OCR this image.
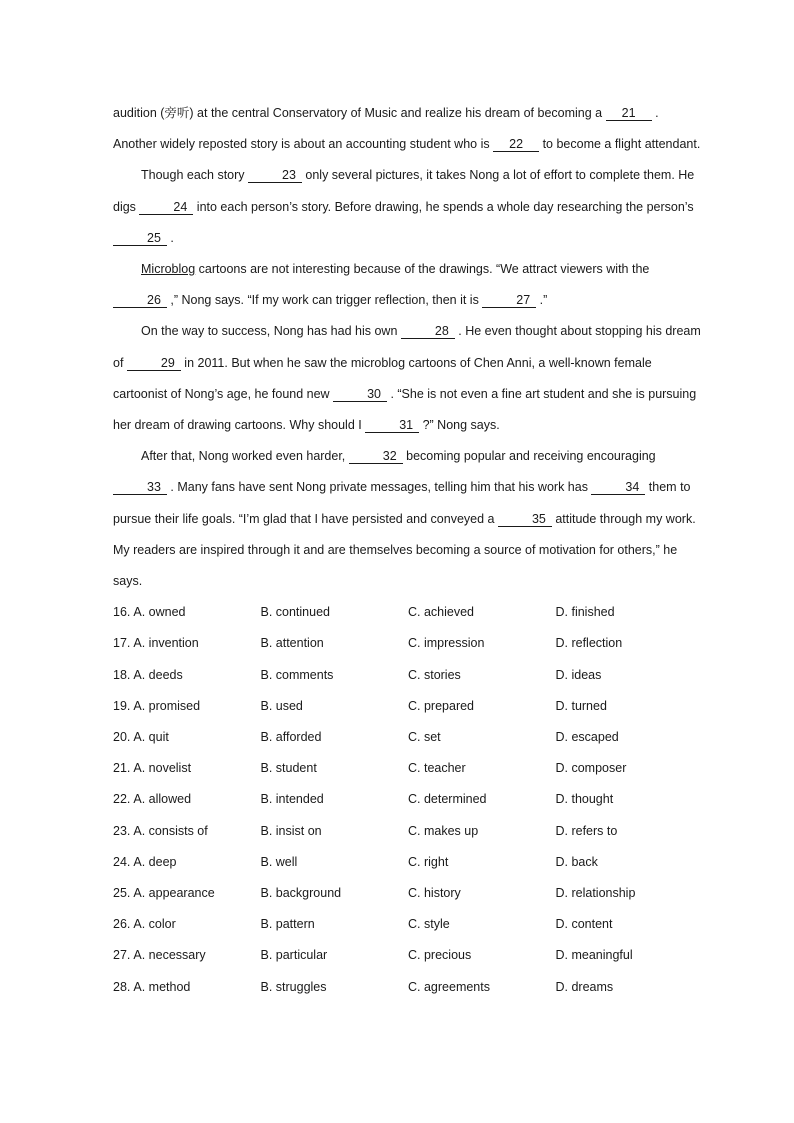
audition (旁听) at the central Conservatory of Music and realize his dream of becoming a 21 . Another widely reposted story is about an accounting student who is 22 to become a flight attendant.

Though each story	23 only several pictures, it takes Nong a lot of effort to complete them. He digs	24 into each person’s story. Before drawing, he spends a whole day researching the person’s 25 .

Microblog cartoons are not interesting because of the drawings. “We attract viewers with the 26 ,” Nong says. “If my work can trigger reflection, then it is	27 .”

On the way to success, Nong has had his own	28 . He even thought about stopping his dream of	29 in 2011. But when he saw the microblog cartoons of Chen Anni, a well-known female cartoonist of Nong’s age, he found new	30 . “She is not even a fine art student and she is pursuing her dream of drawing cartoons. Why should I	31 ?” Nong says.

After that, Nong worked even harder,	32 becoming popular and receiving encouraging 33 . Many fans have sent Nong private messages, telling him that his work has	34 them to pursue their life goals. “I’m glad that I have persisted and conveyed a	35 attitude through my work. My readers are inspired through it and are themselves becoming a source of motivation for others,” he says.

16. A. owned	B. continued	C. achieved	D. finished
17. A. invention	B. attention	C. impression	D. reflection
18. A. deeds	B. comments	C. stories	D. ideas
19. A. promised	B. used	C. prepared	D. turned
20. A. quit	B. afforded	C. set	D. escaped
21. A. novelist	B. student	C. teacher	D. composer
22. A. allowed	B. intended	C. determined	D. thought
23. A. consists of	B. insist on	C. makes up	D. refers to
24. A. deep	B. well	C. right	D. back
25. A. appearance	B. background	C. history	D. relationship
26. A. color	B. pattern	C. style	D. content
27. A. necessary	B. particular	C. precious	D. meaningful
28. A. method	B. struggles	C. agreements	D. dreams
